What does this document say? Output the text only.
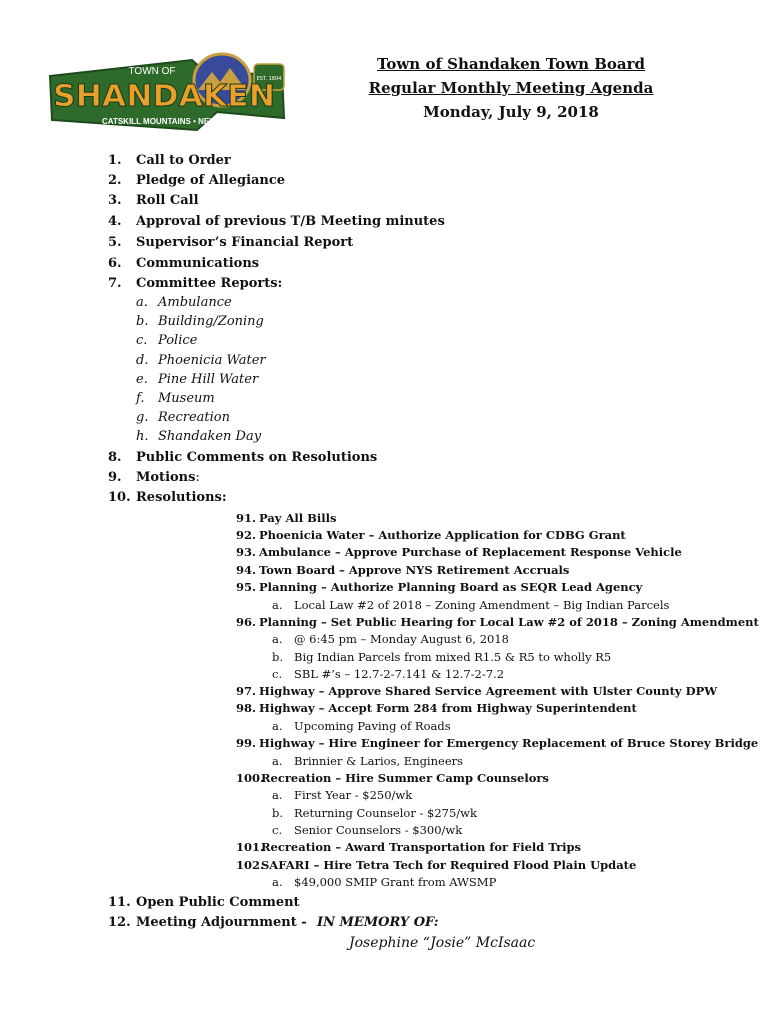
EST. 1804
TOWN OF
SHANDAKEN
CATSKILL MOUNTAINS • NEW YORK
Town of Shandaken Town Board
Regular Monthly Meeting Agenda
Monday, July 9, 2018
1. Call to Order
2. Pledge of Allegiance
3. Roll Call
4. Approval of previous T/B Meeting minutes
5. Supervisor’s Financial Report
6. Communications
7. Committee Reports:
a. Ambulance
b. Building/Zoning
c. Police
d. Phoenicia Water
e. Pine Hill Water
f. Museum
g. Recreation
h. Shandaken Day
8. Public Comments on Resolutions
9. Motions:
10. Resolutions:
91. Pay All Bills
92. Phoenicia Water – Authorize Application for CDBG Grant
93. Ambulance – Approve Purchase of Replacement Response Vehicle
94. Town Board – Approve NYS Retirement Accruals
95. Planning – Authorize Planning Board as SEQR Lead Agency
a. Local Law #2 of 2018 – Zoning Amendment – Big Indian Parcels
96. Planning – Set Public Hearing for Local Law #2 of 2018 – Zoning Amendment
a. @ 6:45 pm – Monday August 6, 2018
b. Big Indian Parcels from mixed R1.5 & R5 to wholly R5
c. SBL #’s – 12.7-2-7.141 & 12.7-2-7.2
97. Highway – Approve Shared Service Agreement with Ulster County DPW
98. Highway – Accept Form 284 from Highway Superintendent
a. Upcoming Paving of Roads
99. Highway – Hire Engineer for Emergency Replacement of Bruce Storey Bridge
a. Brinnier & Larios, Engineers
100.Recreation – Hire Summer Camp Counselors
a. First Year - $250/wk
b. Returning Counselor - $275/wk
c. Senior Counselors - $300/wk
101.Recreation – Award Transportation for Field Trips
102.SAFARI – Hire Tetra Tech for Required Flood Plain Update
a. $49,000 SMIP Grant from AWSMP
11. Open Public Comment
12. Meeting Adjournment - IN MEMORY OF:
Josephine “Josie” McIsaac
